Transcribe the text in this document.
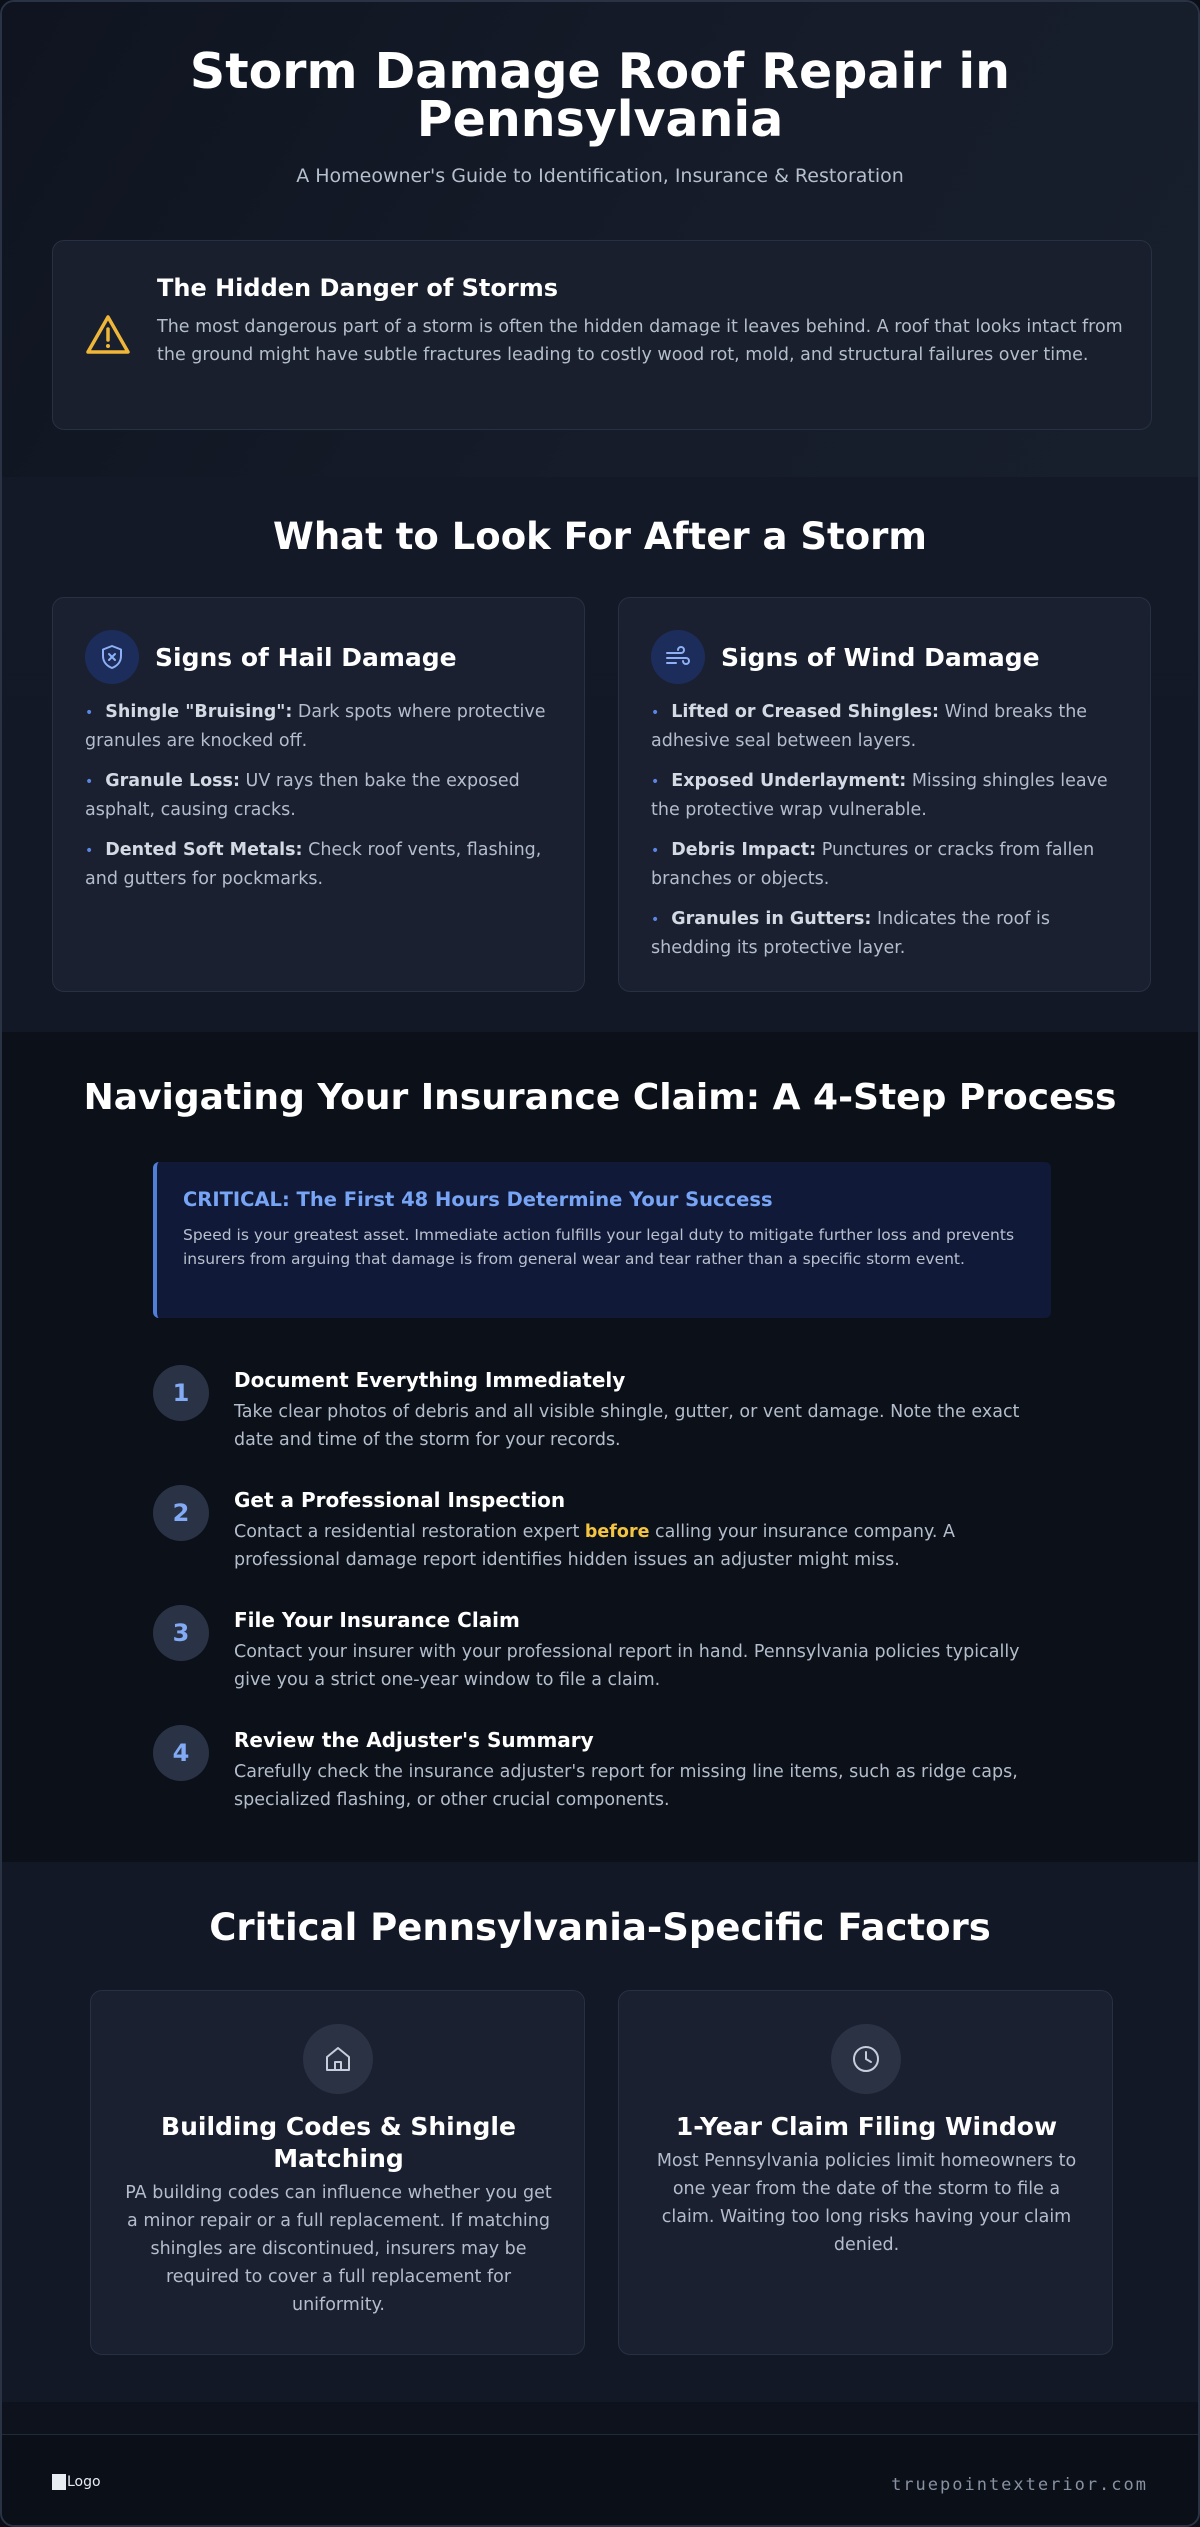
Storm Damage Roof Repair in Pennsylvania

A Homeowner's Guide to Identification, Insurance & Restoration

The Hidden Danger of Storms

The most dangerous part of a storm is often the hidden damage it leaves behind. A roof that looks intact from the ground might have subtle fractures leading to costly wood rot, mold, and structural failures over time.

What to Look For After a Storm
Signs of Hail Damage
• Shingle "Bruising": Dark spots where protective granules are knocked off.
• Granule Loss: UV rays then bake the exposed asphalt, causing cracks.
• Dented Soft Metals: Check roof vents, flashing, and gutters for pockmarks.
Signs of Wind Damage
• Lifted or Creased Shingles: Wind breaks the adhesive seal between layers.
• Exposed Underlayment: Missing shingles leave the protective wrap vulnerable.
• Debris Impact: Punctures or cracks from fallen branches or objects.
• Granules in Gutters: Indicates the roof is shedding its protective layer.
Navigating Your Insurance Claim: A 4-Step Process
CRITICAL: The First 48 Hours Determine Your Success

Speed is your greatest asset. Immediate action fulfills your legal duty to mitigate further loss and prevents insurers from arguing that damage is from general wear and tear rather than a specific storm event.

1	Document Everything Immediately

Take clear photos of debris and all visible shingle, gutter, or vent damage. Note the exact date and time of the storm for your records.

2	Get a Professional Inspection

Contact a residential restoration expert before calling your insurance company. A professional damage report identifies hidden issues an adjuster might miss.

3	File Your Insurance Claim

Contact your insurer with your professional report in hand. Pennsylvania policies typically give you a strict one-year window to file a claim.

4	Review the Adjuster's Summary

Carefully check the insurance adjuster's report for missing line items, such as ridge caps, specialized flashing, or other crucial components.

Critical Pennsylvania-Specific Factors
Building Codes & Shingle Matching

PA building codes can influence whether you get a minor repair or a full replacement. If matching shingles are discontinued, insurers may be required to cover a full replacement for uniformity.

1-Year Claim Filing Window

Most Pennsylvania policies limit homeowners to one year from the date of the storm to file a claim. Waiting too long risks having your claim denied.

Logo	truepointexterior.com
